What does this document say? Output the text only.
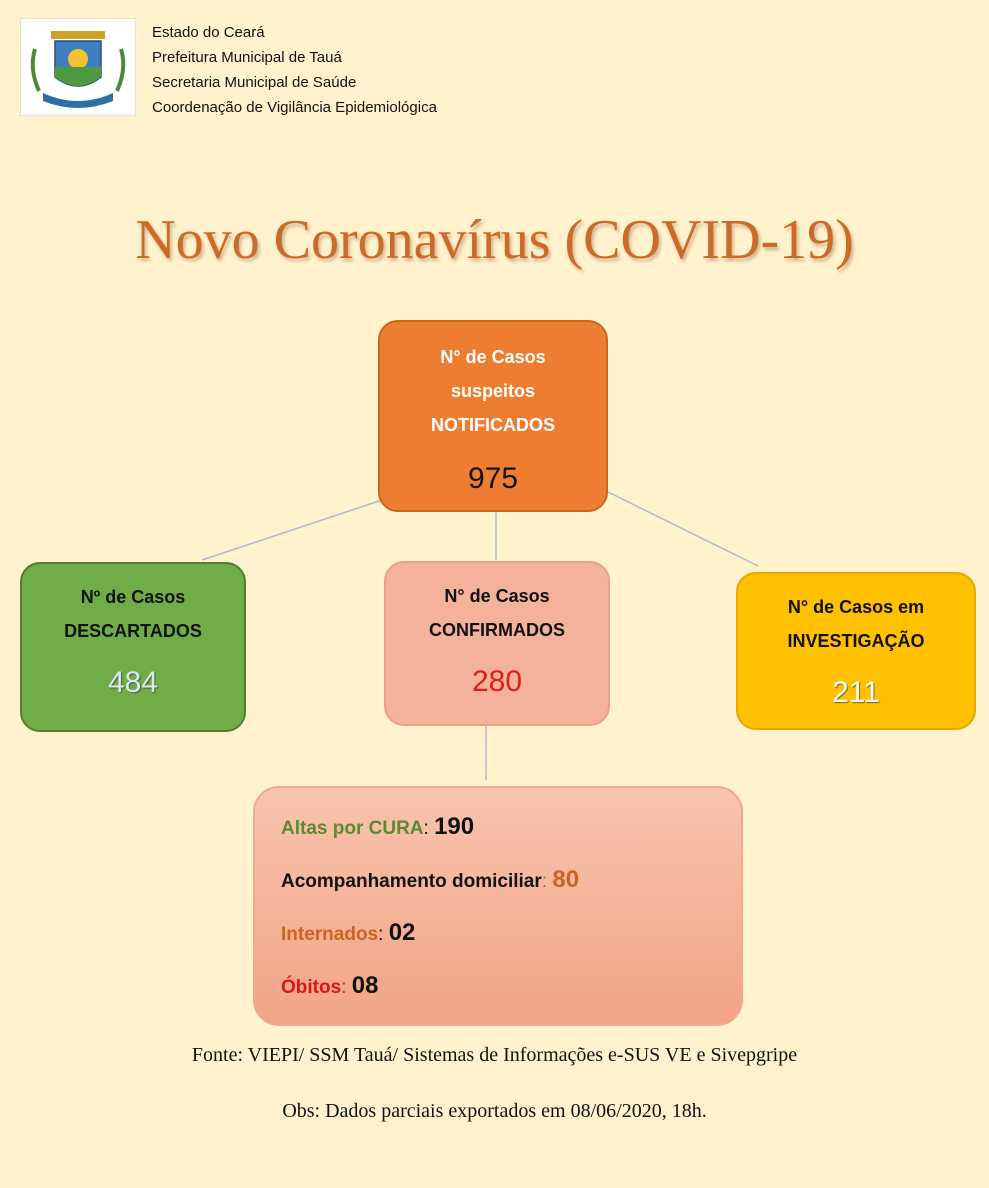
Estado do Ceará
Prefeitura Municipal de Tauá
Secretaria Municipal de Saúde
Coordenação de Vigilância Epidemiológica
Novo Coronavírus (COVID-19)
N° de Casos
suspeitos
NOTIFICADOS
975
Nº de Casos
DESCARTADOS
484
N° de Casos
CONFIRMADOS
280
N° de Casos em
INVESTIGAÇÃO
211
Altas por CURA: 190
Acompanhamento domiciliar: 80
Internados: 02
Óbitos: 08
Fonte: VIEPI/ SSM Tauá/ Sistemas de Informações e-SUS VE e Sivepgripe
Obs: Dados parciais exportados em 08/06/2020, 18h.
